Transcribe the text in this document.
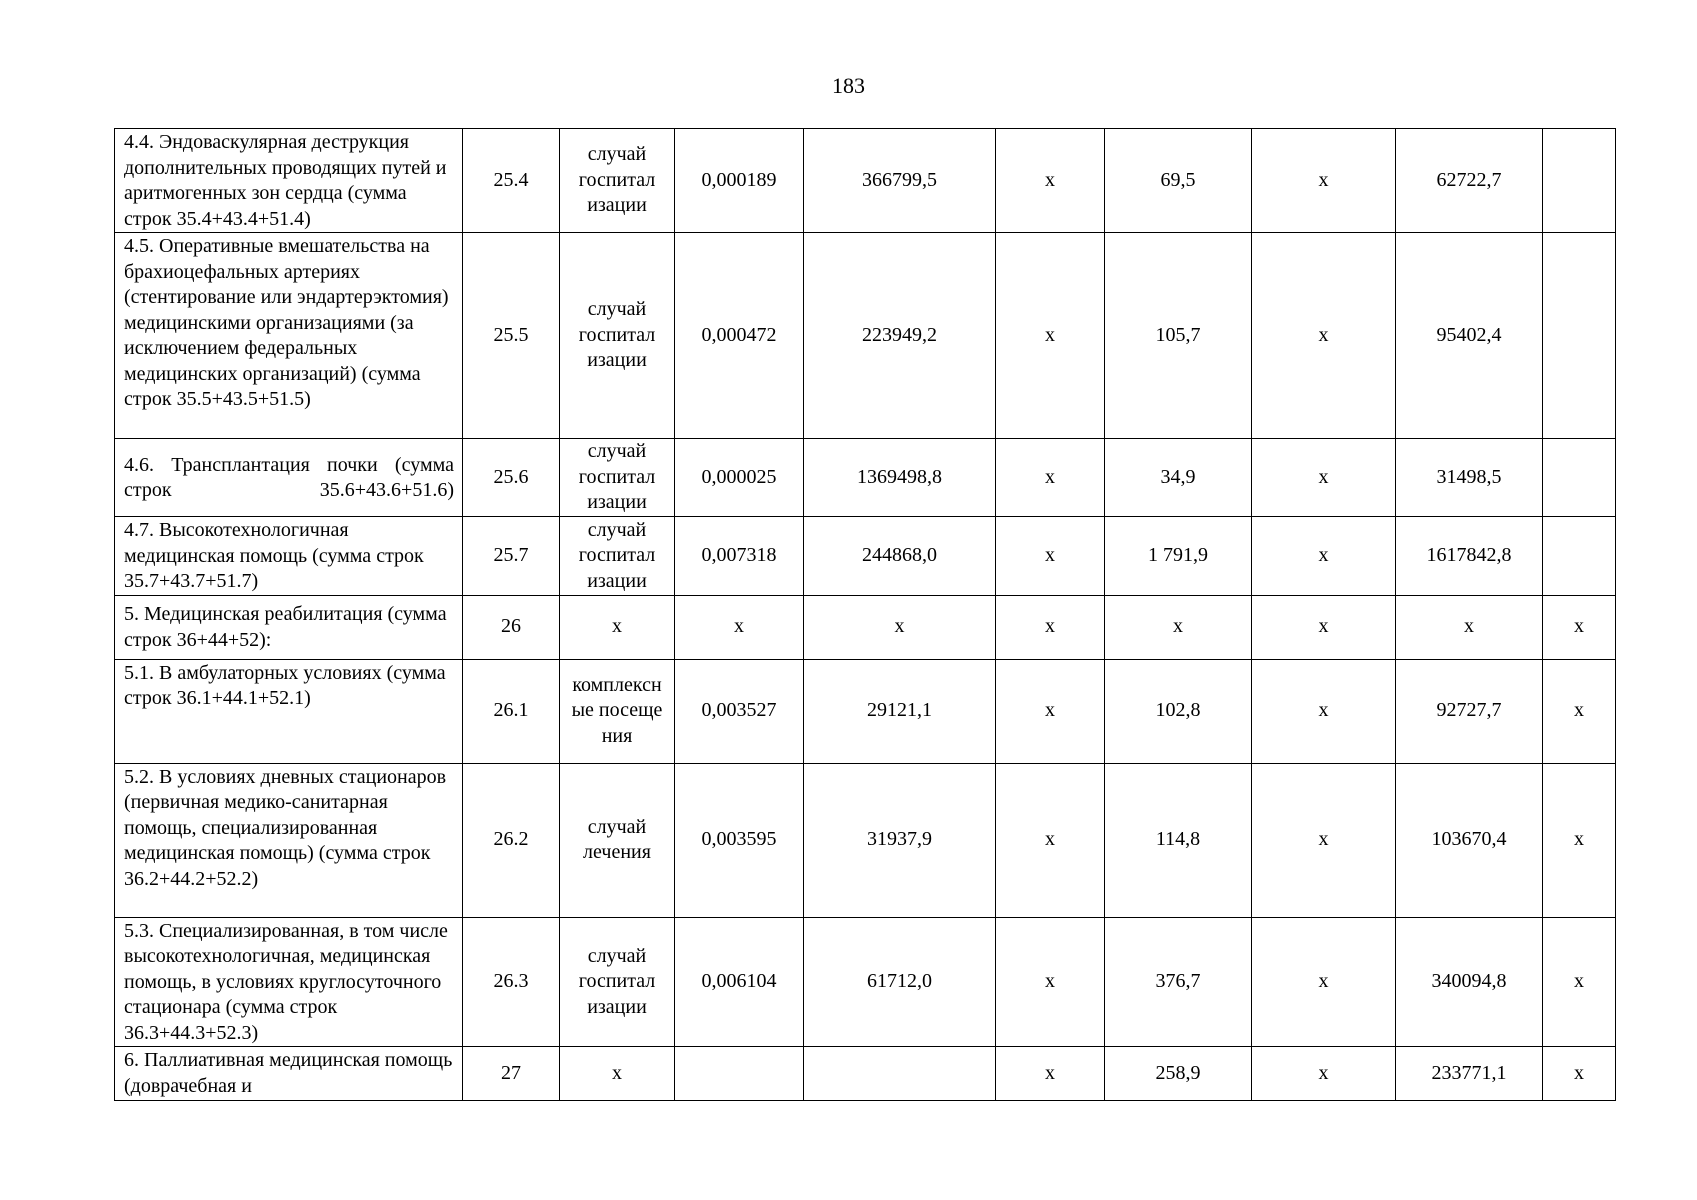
183
4.4. Эндоваскулярная деструкция дополнительных проводящих путей и аритмогенных зон сердца (сумма строк 35.4+43.4+51.4)	25.4	случай госпитал изации	0,000189	366799,5	х	69,5	х	62722,7	
4.5. Оперативные вмешательства на брахиоцефальных артериях (стентирование или эндартерэктомия) медицинскими организациями (за исключением федеральных медицинских организаций) (сумма строк 35.5+43.5+51.5)	25.5	случай госпитал изации	0,000472	223949,2	х	105,7	х	95402,4	
4.6. Трансплантация почки (сумма строк 35.6+43.6+51.6)	25.6	случай госпитал изации	0,000025	1369498,8	х	34,9	х	31498,5	
4.7. Высокотехнологичная медицинская помощь (сумма строк 35.7+43.7+51.7)	25.7	случай госпитал изации	0,007318	244868,0	х	1 791,9	х	1617842,8	
5. Медицинская реабилитация (сумма строк 36+44+52):	26	х	х	х	х	х	х	х	х
5.1. В амбулаторных условиях (сумма строк 36.1+44.1+52.1)	26.1	комплексные посещения	0,003527	29121,1	х	102,8	х	92727,7	х
5.2. В условиях дневных стационаров (первичная медико-санитарная помощь, специализированная медицинская помощь) (сумма строк 36.2+44.2+52.2)	26.2	случай лечения	0,003595	31937,9	х	114,8	х	103670,4	х
5.3. Специализированная, в том числе высокотехнологичная, медицинская помощь, в условиях круглосуточного стационара (сумма строк 36.3+44.3+52.3)	26.3	случай госпитал изации	0,006104	61712,0	х	376,7	х	340094,8	х

6. Паллиативная медицинская помощь (доврачебная и	27	х			х	258,9	х	233771,1	х
